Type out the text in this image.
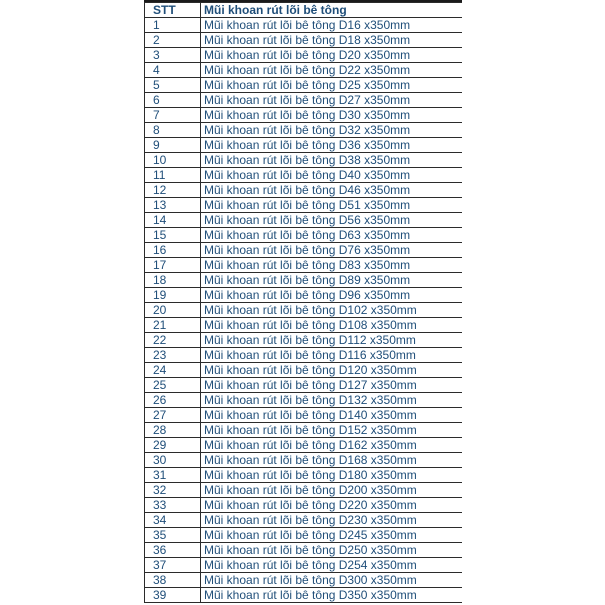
STT	Mũi khoan rút lõi bê tông
1	Mũi khoan rút lõi bê tông D16 x350mm
2	Mũi khoan rút lõi bê tông D18 x350mm
3	Mũi khoan rút lõi bê tông D20 x350mm
4	Mũi khoan rút lõi bê tông D22 x350mm
5	Mũi khoan rút lõi bê tông D25 x350mm
6	Mũi khoan rút lõi bê tông D27 x350mm
7	Mũi khoan rút lõi bê tông D30 x350mm
8	Mũi khoan rút lõi bê tông D32 x350mm
9	Mũi khoan rút lõi bê tông D36 x350mm
10	Mũi khoan rút lõi bê tông D38 x350mm
11	Mũi khoan rút lõi bê tông D40 x350mm
12	Mũi khoan rút lõi bê tông D46 x350mm
13	Mũi khoan rút lõi bê tông D51 x350mm
14	Mũi khoan rút lõi bê tông D56 x350mm
15	Mũi khoan rút lõi bê tông D63 x350mm
16	Mũi khoan rút lõi bê tông D76 x350mm
17	Mũi khoan rút lõi bê tông D83 x350mm
18	Mũi khoan rút lõi bê tông D89 x350mm
19	Mũi khoan rút lõi bê tông D96 x350mm
20	Mũi khoan rút lõi bê tông D102 x350mm
21	Mũi khoan rút lõi bê tông D108 x350mm
22	Mũi khoan rút lõi bê tông D112 x350mm
23	Mũi khoan rút lõi bê tông D116 x350mm
24	Mũi khoan rút lõi bê tông D120 x350mm
25	Mũi khoan rút lõi bê tông D127 x350mm
26	Mũi khoan rút lõi bê tông D132 x350mm
27	Mũi khoan rút lõi bê tông D140 x350mm
28	Mũi khoan rút lõi bê tông D152 x350mm
29	Mũi khoan rút lõi bê tông D162 x350mm
30	Mũi khoan rút lõi bê tông D168 x350mm
31	Mũi khoan rút lõi bê tông D180 x350mm
32	Mũi khoan rút lõi bê tông D200 x350mm
33	Mũi khoan rút lõi bê tông D220 x350mm
34	Mũi khoan rút lõi bê tông D230 x350mm
35	Mũi khoan rút lõi bê tông D245 x350mm
36	Mũi khoan rút lõi bê tông D250 x350mm
37	Mũi khoan rút lõi bê tông D254 x350mm
38	Mũi khoan rút lõi bê tông D300 x350mm
39	Mũi khoan rút lõi bê tông D350 x350mm
